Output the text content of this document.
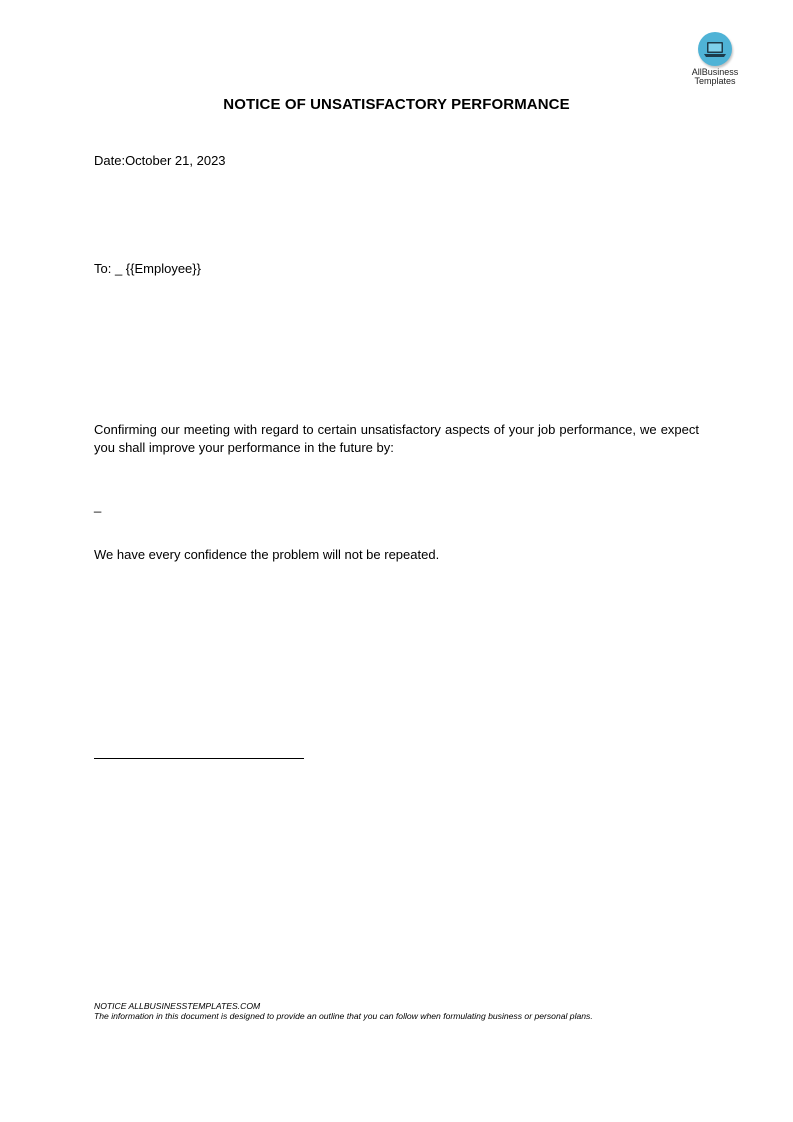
AllBusiness
Templates
NOTICE OF UNSATISFACTORY PERFORMANCE
Date:October 21, 2023
To: _ {{Employee}}
Confirming our meeting with regard to certain unsatisfactory aspects of your job performance, we expect you shall improve your performance in the future by:
_
We have every confidence the problem will not be repeated.
NOTICE ALLBUSINESSTEMPLATES.COM
The information in this document is designed to provide an outline that you can follow when formulating business or personal plans.
